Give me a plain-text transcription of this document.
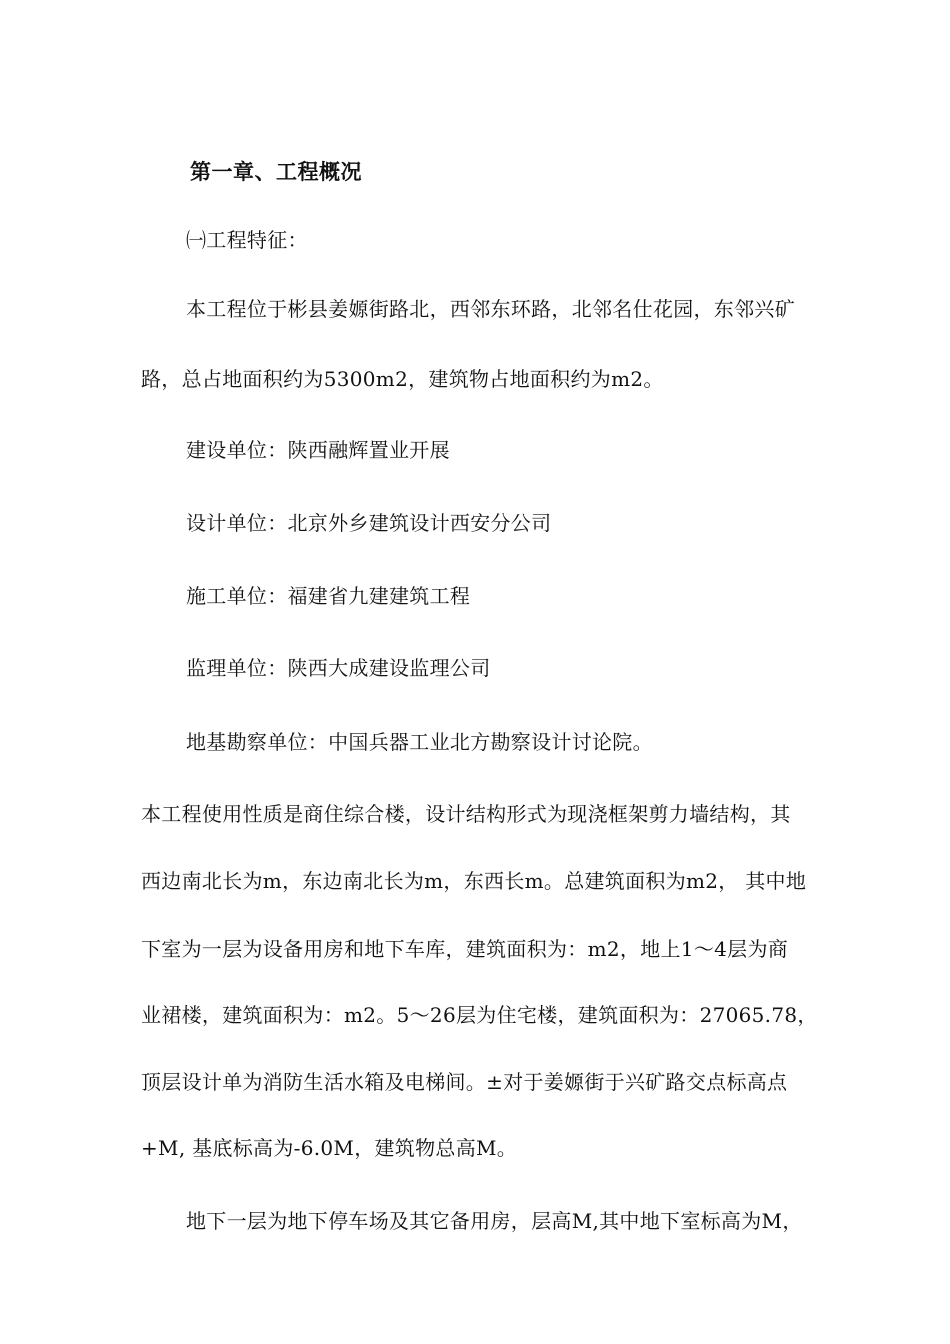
第一章、工程概况
㈠工程特征：
本工程位于彬县姜嫄街路北，西邻东环路，北邻名仕花园，东邻兴矿
路，总占地面积约为5300m2，建筑物占地面积约为m2。
建设单位：陕西融辉置业开展
设计单位：北京外乡建筑设计西安分公司
施工单位：福建省九建建筑工程
监理单位：陕西大成建设监理公司
地基勘察单位：中国兵器工业北方勘察设计讨论院。
本工程使用性质是商住综合楼，设计结构形式为现浇框架剪力墙结构，其
西边南北长为m，东边南北长为m，东西长m。总建筑面积为m2， 其中地
下室为一层为设备用房和地下车库，建筑面积为：m2，地上1～4层为商
业裙楼，建筑面积为：m2。5～26层为住宅楼，建筑面积为：27065.78，
顶层设计单为消防生活水箱及电梯间。±对于姜嫄街于兴矿路交点标高点
+M, 基底标高为-6.0M，建筑物总高M。
地下一层为地下停车场及其它备用房，层高M,其中地下室标高为M，
